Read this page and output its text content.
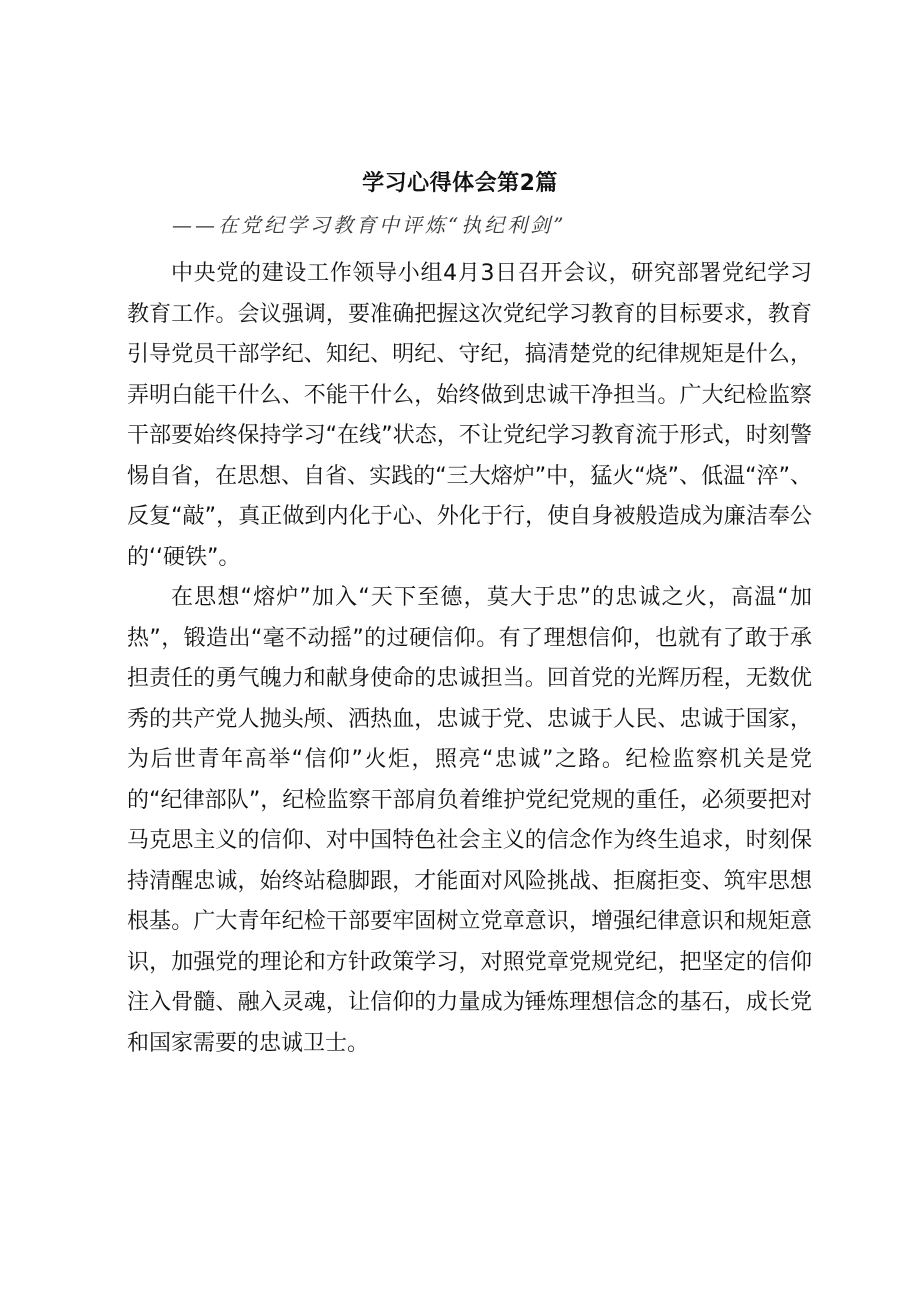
学习心得体会第2篇
——在党纪学习教育中评炼“执纪利剑”

中央党的建设工作领导小组4月3日召开会议，研究部署党纪学习教育工作。会议强调，要准确把握这次党纪学习教育的目标要求，教育引导党员干部学纪、知纪、明纪、守纪，搞清楚党的纪律规矩是什么，弄明白能干什么、不能干什么，始终做到忠诚干净担当。广大纪检监察干部要始终保持学习“在线”状态，不让党纪学习教育流于形式，时刻警惕自省，在思想、自省、实践的“三大熔炉”中，猛火“烧”、低温“淬”、反复“敲”，真正做到内化于心、外化于行，使自身被般造成为廉洁奉公的‘‘硬铁”。

在思想“熔炉”加入“天下至德，莫大于忠”的忠诚之火，高温“加热”，锻造出“毫不动摇”的过硬信仰。有了理想信仰，也就有了敢于承担责任的勇气魄力和献身使命的忠诚担当。回首党的光辉历程，无数优秀的共产党人抛头颅、洒热血，忠诚于党、忠诚于人民、忠诚于国家，为后世青年高举“信仰”火炬，照亮“忠诚”之路。纪检监察机关是党的“纪律部队”，纪检监察干部肩负着维护党纪党规的重任，必须要把对马克思主义的信仰、对中国特色社会主义的信念作为终生追求，时刻保持清醒忠诚，始终站稳脚跟，才能面对风险挑战、拒腐拒变、筑牢思想根基。广大青年纪检干部要牢固树立党章意识，增强纪律意识和规矩意识，加强党的理论和方针政策学习，对照党章党规党纪，把坚定的信仰注入骨髓、融入灵魂，让信仰的力量成为锤炼理想信念的基石，成长党和国家需要的忠诚卫士。
